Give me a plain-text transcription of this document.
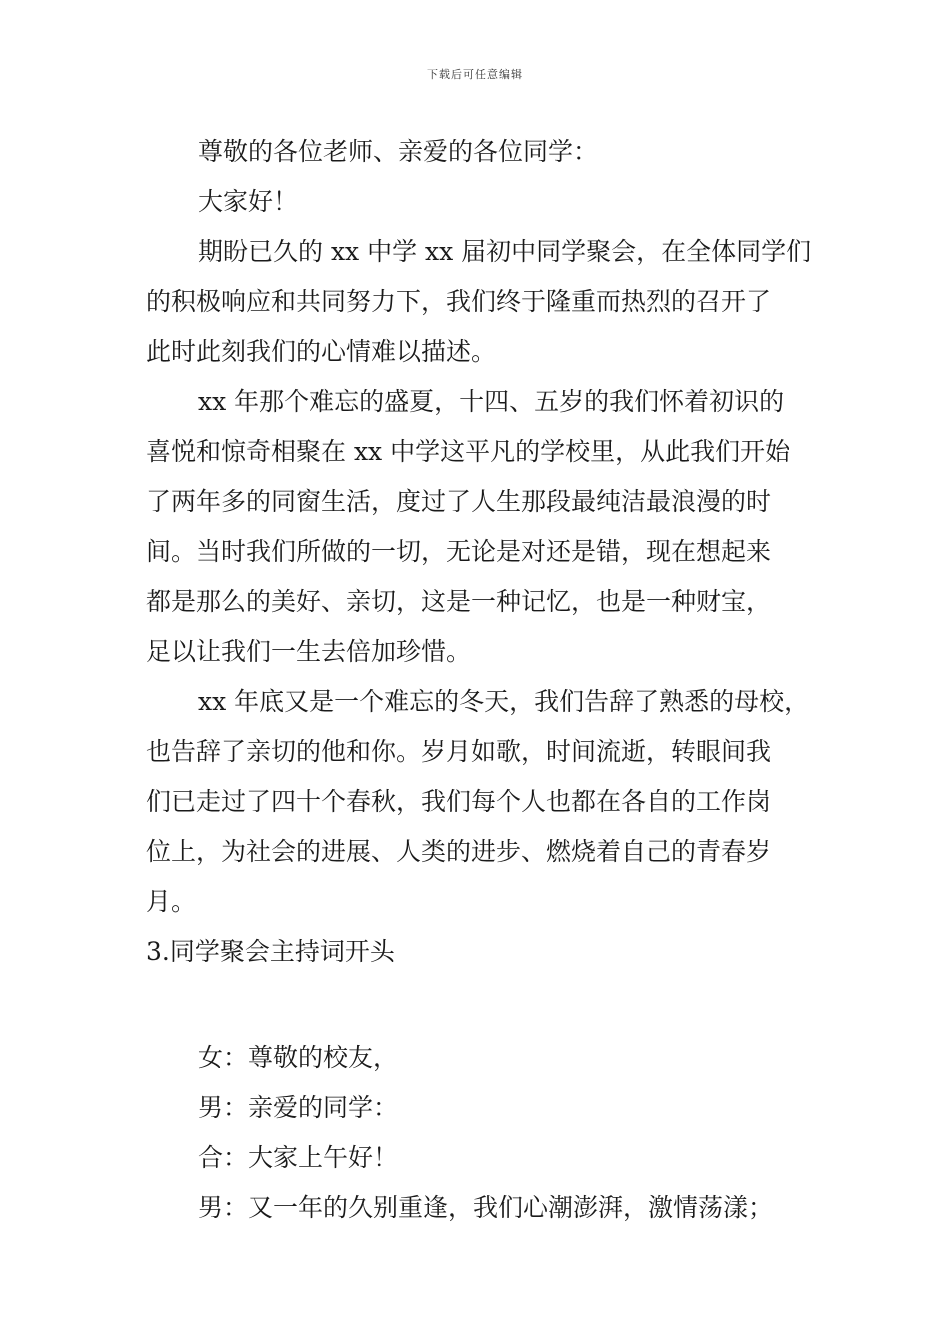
下载后可任意编辑
尊敬的各位老师、亲爱的各位同学：
大家好！
期盼已久的 xx 中学 xx 届初中同学聚会，在全体同学们
的积极响应和共同努力下，我们终于隆重而热烈的召开了
此时此刻我们的心情难以描述。
xx 年那个难忘的盛夏，十四、五岁的我们怀着初识的
喜悦和惊奇相聚在 xx 中学这平凡的学校里，从此我们开始
了两年多的同窗生活，度过了人生那段最纯洁最浪漫的时
间。当时我们所做的一切，无论是对还是错，现在想起来
都是那么的美好、亲切，这是一种记忆，也是一种财宝，
足以让我们一生去倍加珍惜。
xx 年底又是一个难忘的冬天，我们告辞了熟悉的母校，
也告辞了亲切的他和你。岁月如歌，时间流逝，转眼间我
们已走过了四十个春秋，我们每个人也都在各自的工作岗
位上，为社会的进展、人类的进步、燃烧着自己的青春岁
月。
3.同学聚会主持词开头
女：尊敬的校友，
男：亲爱的同学：
合：大家上午好！
男：又一年的久别重逢，我们心潮澎湃，激情荡漾；
